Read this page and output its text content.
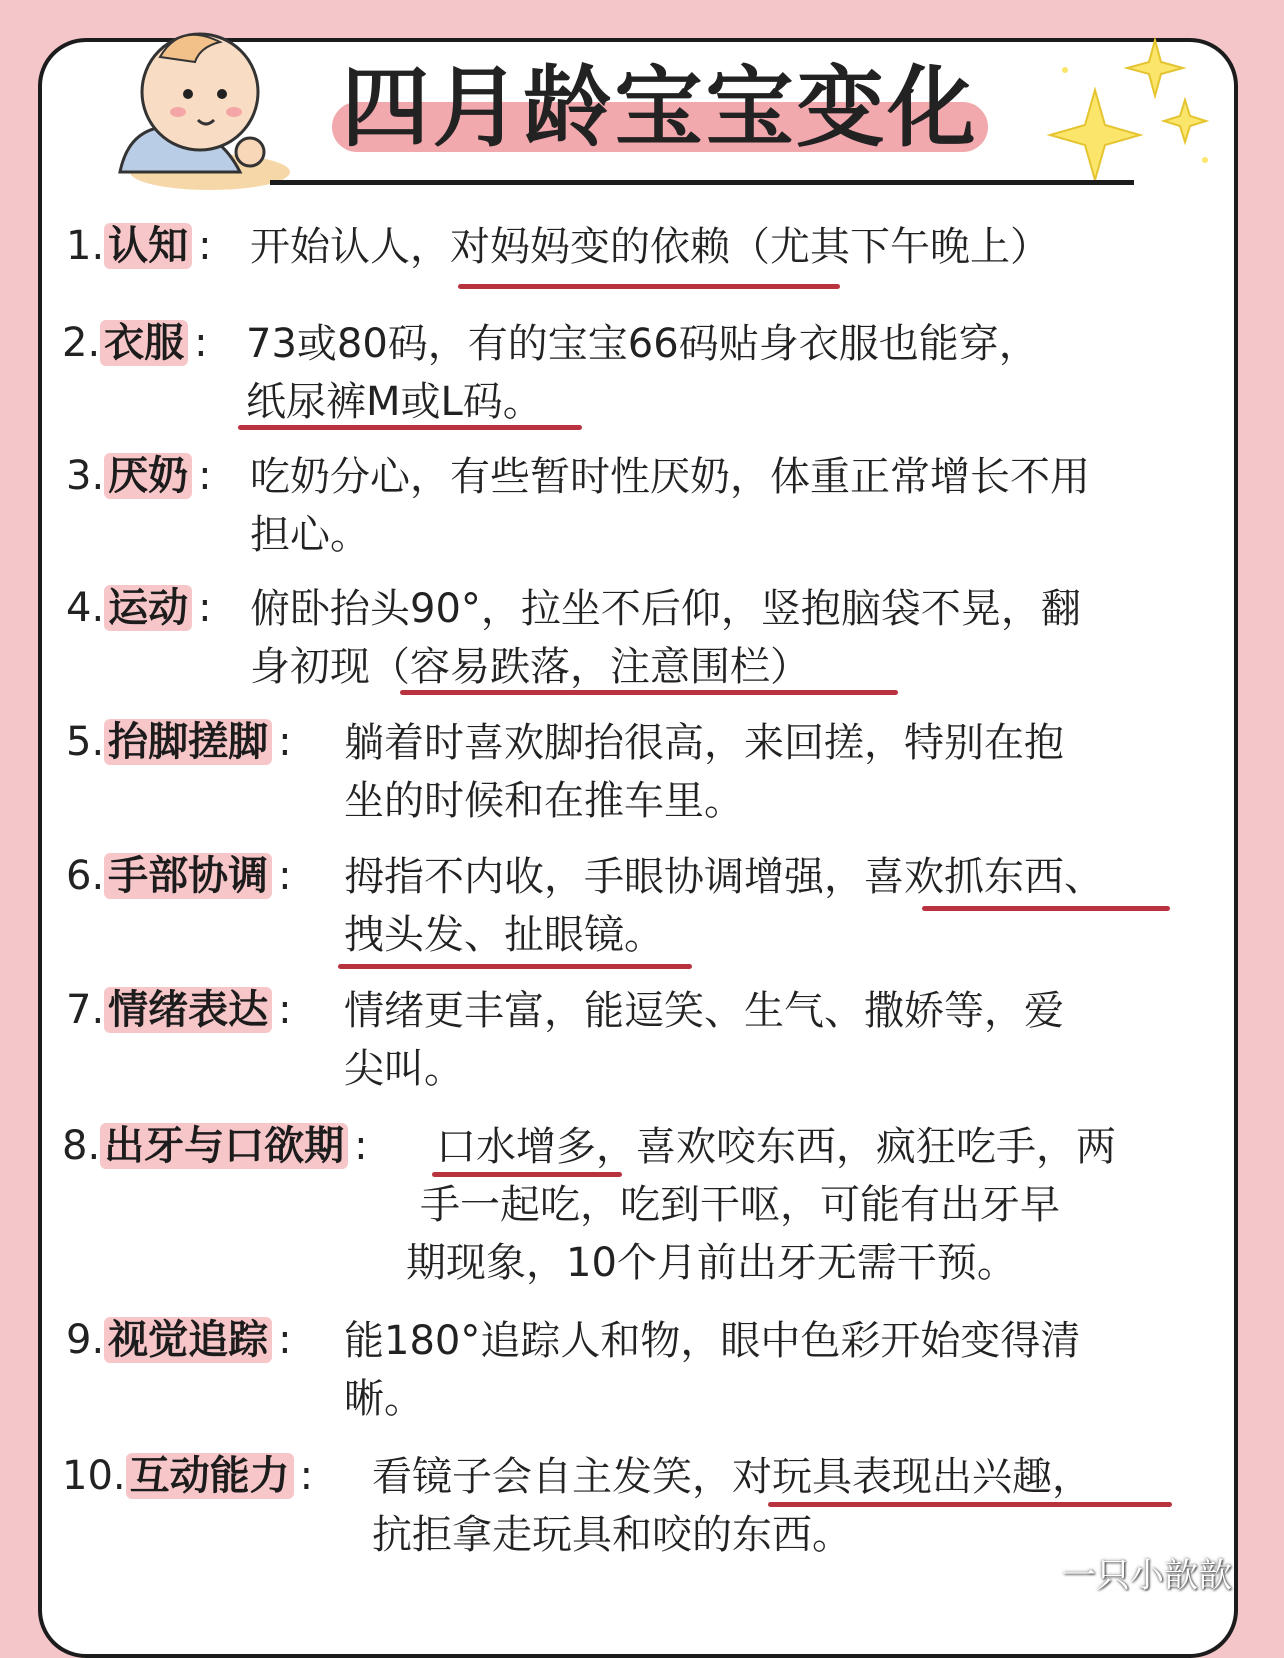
四月龄宝宝变化
1. 认知 : 开始认人，对妈妈变的依赖（尤其下午晚上）
2. 衣服 : 73或80码，有的宝宝66码贴身衣服也能穿，
纸尿裤M或L码。
3. 厌奶 : 吃奶分心，有些暂时性厌奶，体重正常增长不用
担心。
4. 运动 : 俯卧抬头90°，拉坐不后仰，竖抱脑袋不晃，翻
身初现（容易跌落，注意围栏）
5. 抬脚搓脚 : 躺着时喜欢脚抬很高，来回搓，特别在抱
坐的时候和在推车里。
6. 手部协调 : 拇指不内收，手眼协调增强，喜欢抓东西、
拽头发、扯眼镜。
7. 情绪表达 : 情绪更丰富，能逗笑、生气、撒娇等，爱
尖叫。
8. 出牙与口欲期 : 口水增多，喜欢咬东西，疯狂吃手，两
手一起吃，吃到干呕，可能有出牙早
期现象，10个月前出牙无需干预。
9. 视觉追踪 : 能180°追踪人和物，眼中色彩开始变得清
晰。
10. 互动能力 : 看镜子会自主发笑，对玩具表现出兴趣，
抗拒拿走玩具和咬的东西。
一只小歆歆
